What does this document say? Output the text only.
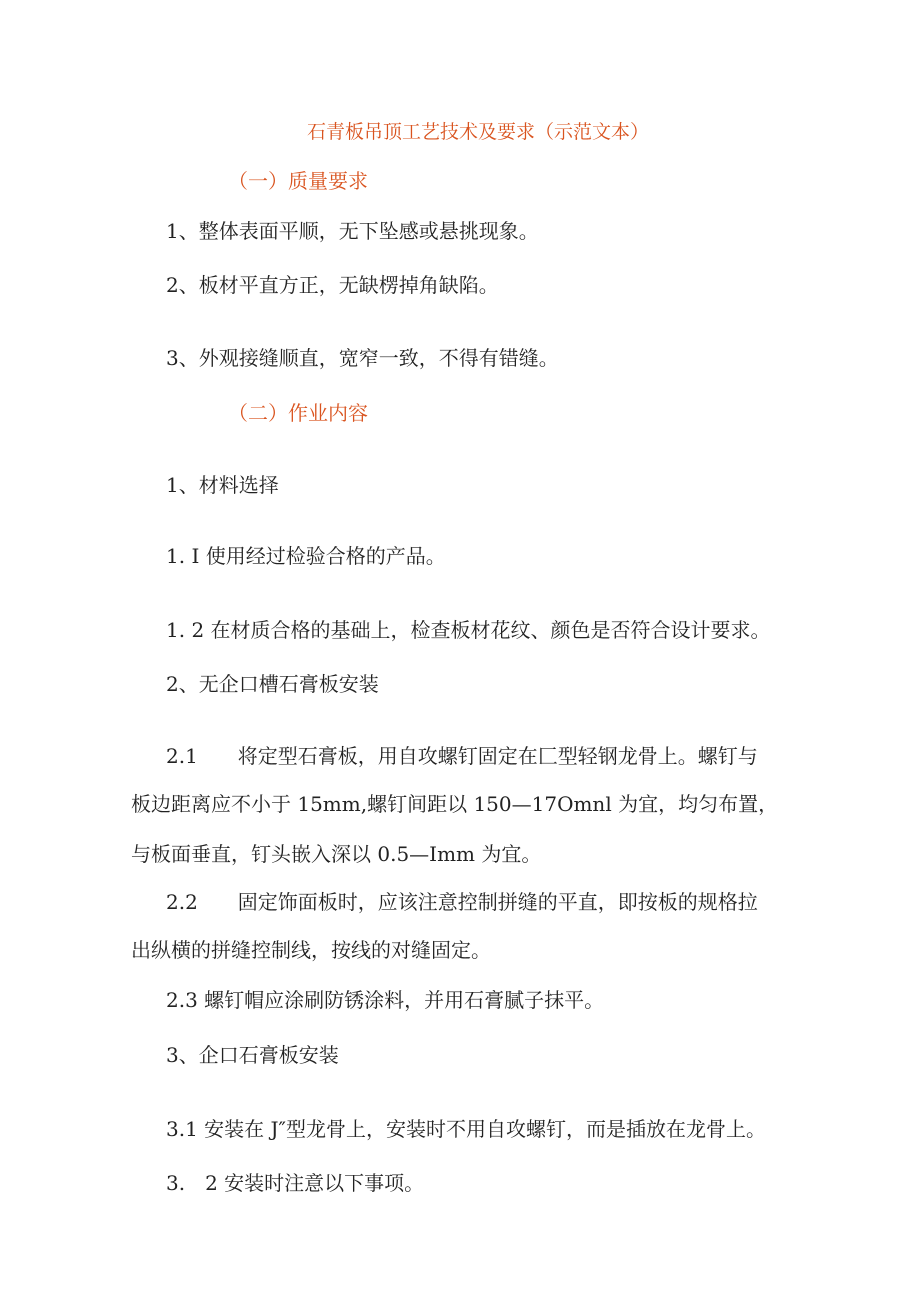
石青板吊顶工艺技术及要求（示范文本）

（一）质量要求

1、整体表面平顺，无下坠感或悬挑现象。

2、板材平直方正，无缺楞掉角缺陷。

3、外观接缝顺直，宽窄一致，不得有错缝。

（二）作业内容

1、材料选择

1. I 使用经过检验合格的产品。

1. 2 在材质合格的基础上，检查板材花纹、颜色是否符合设计要求。

2、无企口槽石膏板安装

2.1　　将定型石膏板，用自攻螺钉固定在匚型轻钢龙骨上。螺钉与

板边距离应不小于 15mm,螺钉间距以 150—17Omnl 为宜，均匀布置，

与板面垂直，钉头嵌入深以 0.5—Imm 为宜。

2.2　　固定饰面板时，应该注意控制拼缝的平直，即按板的规格拉

出纵横的拼缝控制线，按线的对缝固定。

2.3 螺钉帽应涂刷防锈涂料，并用石膏腻子抹平。

3、企口石膏板安装

3.1 安装在 J″型龙骨上，安装时不用自攻螺钉，而是插放在龙骨上。

3.　2 安装时注意以下事项。
